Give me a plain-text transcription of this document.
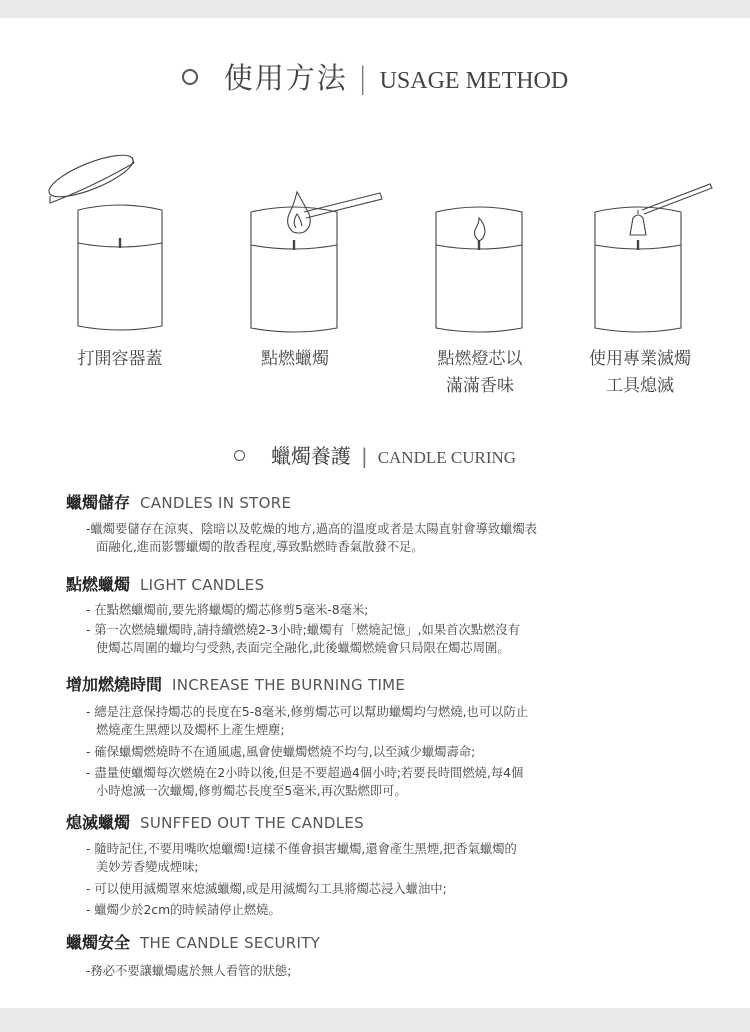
使用方法 | USAGE METHOD
打開容器蓋	點燃蠟燭	點燃燈芯以
滿滿香味
使用專業滅燭
工具熄滅
蠟燭養護 | CANDLE CURING
蠟燭儲存 CANDLES IN STORE
-蠟燭要儲存在涼爽、陰暗以及乾燥的地方,過高的溫度或者是太陽直射會導致蠟燭表
面融化,進而影響蠟燭的散香程度,導致點燃時香氣散發不足。
點燃蠟燭 LIGHT CANDLES
- 在點燃蠟燭前,要先將蠟燭的燭芯修剪5毫米-8毫米;
- 第一次燃燒蠟燭時,請持續燃燒2-3小時;蠟燭有「燃燒記憶」,如果首次點燃沒有
使燭芯周圍的蠟均勻受熱,表面完全融化,此後蠟燭燃燒會只局限在燭芯周圍。
增加燃燒時間 INCREASE THE BURNING TIME
- 總是注意保持燭芯的長度在5-8毫米,修剪燭芯可以幫助蠟燭均勻燃燒,也可以防止
燃燒產生黑煙以及燭杯上產生煙塵;
- 確保蠟燭燃燒時不在通風處,風會使蠟燭燃燒不均勻,以至減少蠟燭壽命;
- 盡量使蠟燭每次燃燒在2小時以後,但是不要超過4個小時;若要長時間燃燒,每4個
小時熄滅一次蠟燭,修剪燭芯長度至5毫米,再次點燃即可。
熄滅蠟燭 SUNFFED OUT THE CANDLES
- 隨時記住,不要用嘴吹熄蠟燭!這樣不僅會損害蠟燭,還會產生黑煙,把香氣蠟燭的
美妙芳香變成煙味;
- 可以使用滅燭罩來熄滅蠟燭,或是用滅燭勾工具將燭芯浸入蠟油中;
- 蠟燭少於2cm的時候請停止燃燒。
蠟燭安全 THE CANDLE SECURITY
-務必不要讓蠟燭處於無人看管的狀態;
